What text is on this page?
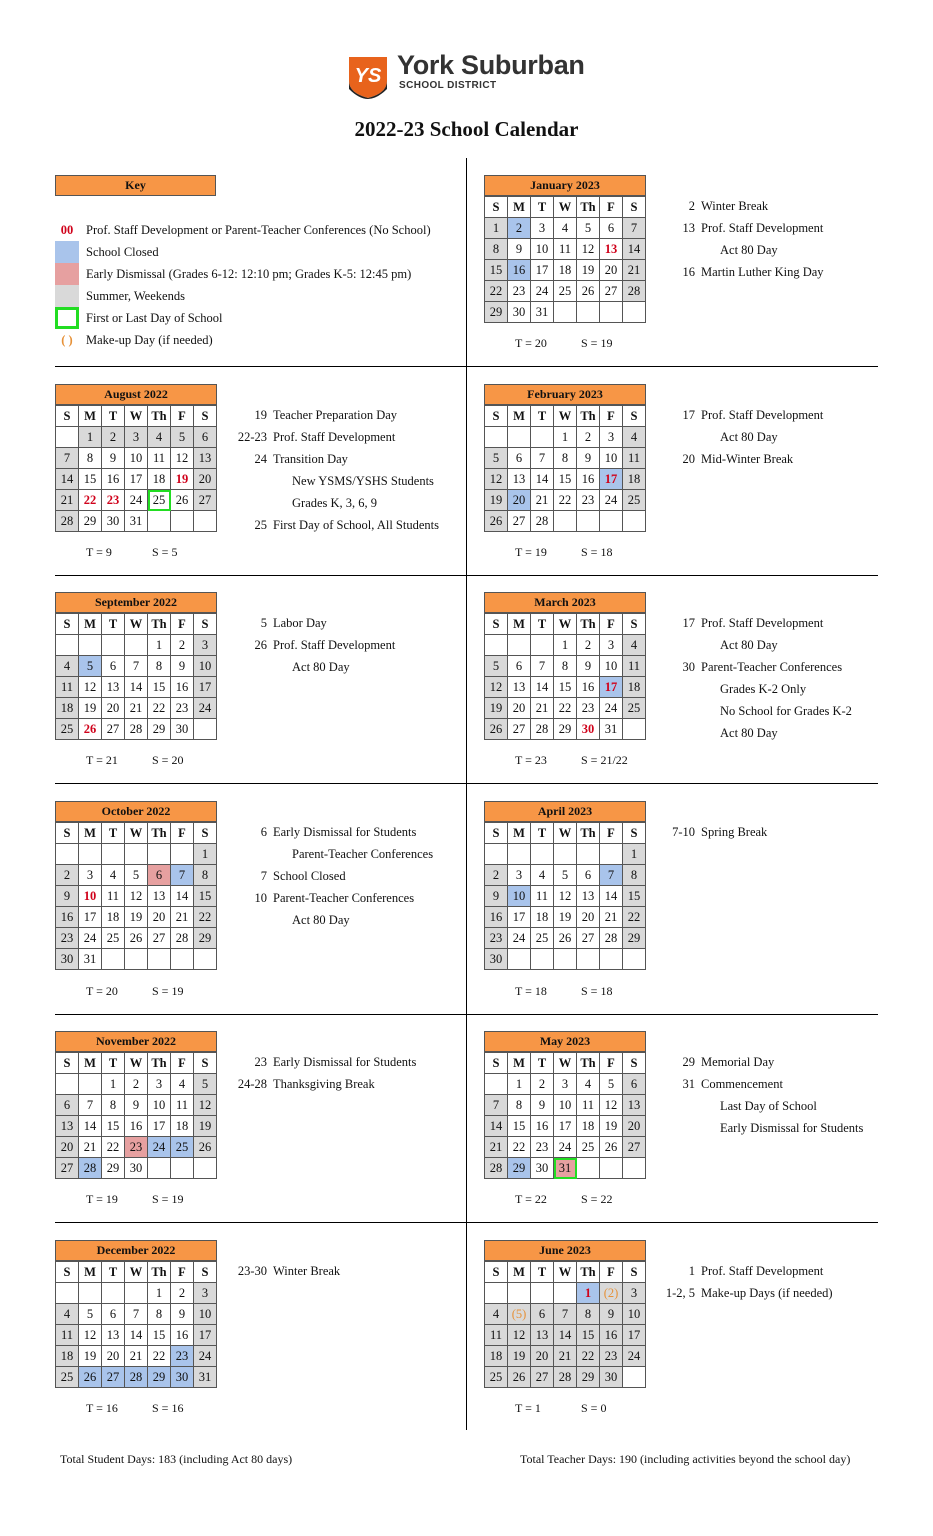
YS York Suburban
SCHOOL DISTRICT
2022-23 School Calendar
Key
00	Prof. Staff Development or Parent-Teacher Conferences (No School)
School Closed
Early Dismissal (Grades 6-12: 12:10 pm; Grades K-5: 12:45 pm)
Summer, Weekends
First or Last Day of School
( )	Make-up Day (if needed)
January 2023
S	M	T	W	Th	F	S
1	2	3	4	5	6	7
8	9	10	11	12	13	14
15	16	17	18	19	20	21
22	23	24	25	26	27	28
29	30	31				
T = 20	S = 19
2 Winter Break
13 Prof. Staff Development
Act 80 Day
16 Martin Luther King Day
August 2022
S	M	T	W	Th	F	S
	1	2	3	4	5	6
7	8	9	10	11	12	13
14	15	16	17	18	19	20
21	22	23	24	25	26	27
28	29	30	31			
T = 9	S = 5
19 Teacher Preparation Day
22-23 Prof. Staff Development
24 Transition Day
New YSMS/YSHS Students
Grades K, 3, 6, 9
25 First Day of School, All Students
February 2023
S	M	T	W	Th	F	S
			1	2	3	4
5	6	7	8	9	10	11
12	13	14	15	16	17	18
19	20	21	22	23	24	25
26	27	28				
T = 19	S = 18
17 Prof. Staff Development
Act 80 Day
20 Mid-Winter Break
September 2022
S	M	T	W	Th	F	S
				1	2	3
4	5	6	7	8	9	10
11	12	13	14	15	16	17
18	19	20	21	22	23	24
25	26	27	28	29	30	
T = 21	S = 20
5 Labor Day
26 Prof. Staff Development
Act 80 Day
March 2023
S	M	T	W	Th	F	S
			1	2	3	4
5	6	7	8	9	10	11
12	13	14	15	16	17	18
19	20	21	22	23	24	25
26	27	28	29	30	31	
T = 23	S = 21/22
17 Prof. Staff Development
Act 80 Day
30 Parent-Teacher Conferences
Grades K-2 Only
No School for Grades K-2
Act 80 Day
October 2022
S	M	T	W	Th	F	S
						1
2	3	4	5	6	7	8
9	10	11	12	13	14	15
16	17	18	19	20	21	22
23	24	25	26	27	28	29
30	31					
T = 20	S = 19
6 Early Dismissal for Students
Parent-Teacher Conferences
7 School Closed
10 Parent-Teacher Conferences
Act 80 Day
April 2023
S	M	T	W	Th	F	S
						1
2	3	4	5	6	7	8
9	10	11	12	13	14	15
16	17	18	19	20	21	22
23	24	25	26	27	28	29
30						
T = 18	S = 18
7-10 Spring Break
November 2022
S	M	T	W	Th	F	S
		1	2	3	4	5
6	7	8	9	10	11	12
13	14	15	16	17	18	19
20	21	22	23	24	25	26
27	28	29	30			
T = 19	S = 19
23 Early Dismissal for Students
24-28 Thanksgiving Break
May 2023
S	M	T	W	Th	F	S
	1	2	3	4	5	6
7	8	9	10	11	12	13
14	15	16	17	18	19	20
21	22	23	24	25	26	27
28	29	30	31			
T = 22	S = 22
29 Memorial Day
31 Commencement
Last Day of School
Early Dismissal for Students
December 2022
S	M	T	W	Th	F	S
				1	2	3
4	5	6	7	8	9	10
11	12	13	14	15	16	17
18	19	20	21	22	23	24
25	26	27	28	29	30	31
T = 16	S = 16
23-30 Winter Break
June 2023
S	M	T	W	Th	F	S
				1	(2)	3
4	(5)	6	7	8	9	10
11	12	13	14	15	16	17
18	19	20	21	22	23	24
25	26	27	28	29	30	
T = 1	S = 0
1 Prof. Staff Development
1-2, 5 Make-up Days (if needed)
Total Student Days: 183 (including Act 80 days)	Total Teacher Days: 190 (including activities beyond the school day)
